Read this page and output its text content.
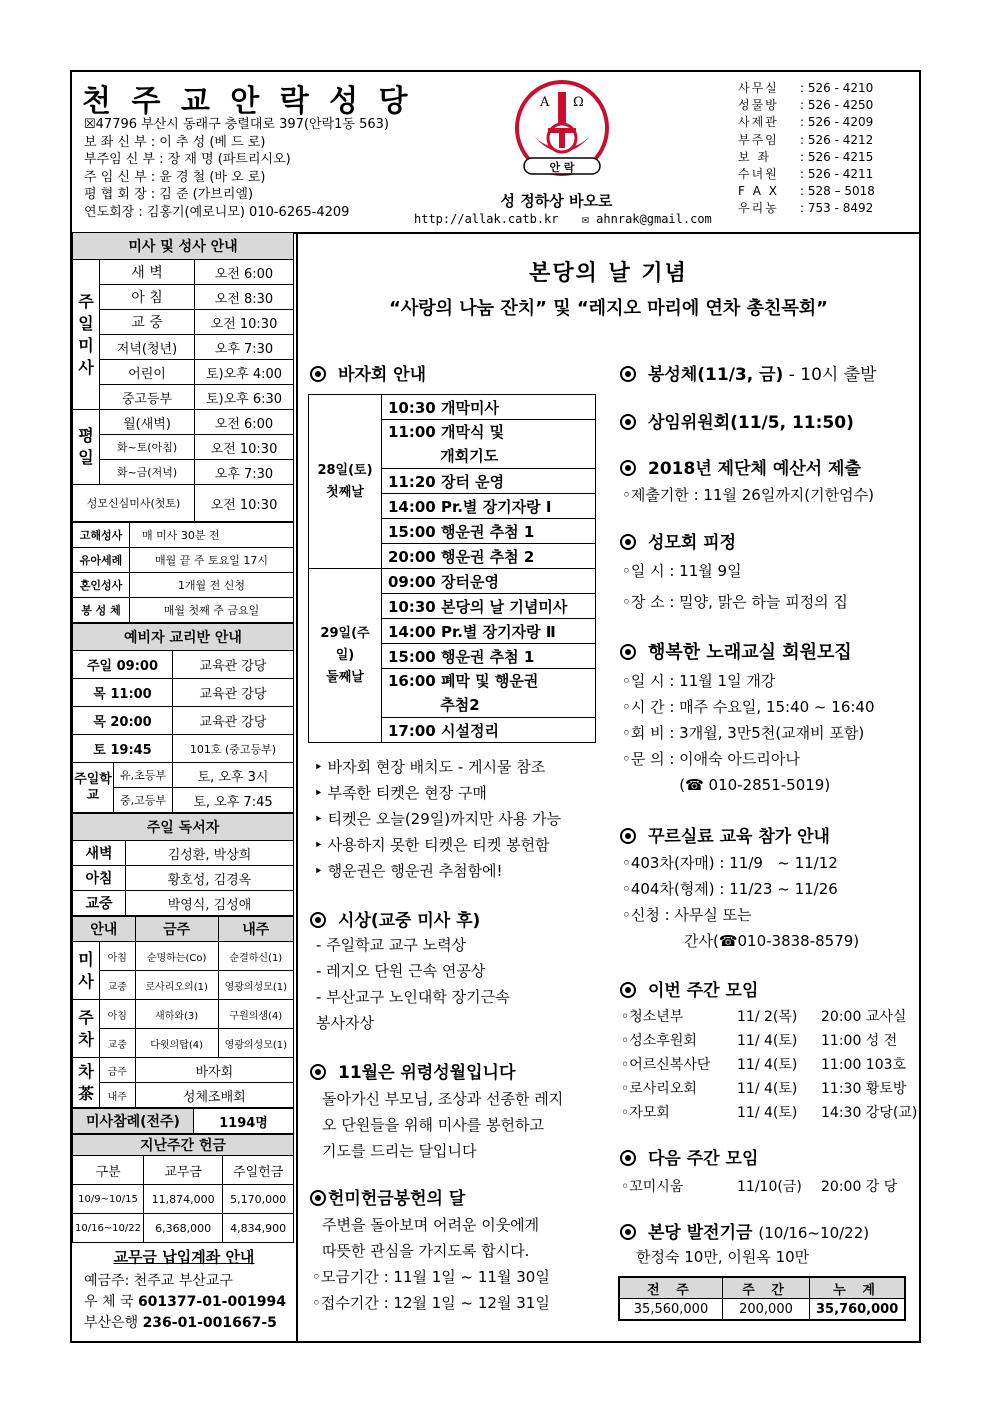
천 주 교 안 락 성 당
☒47796 부산시 동래구 충렬대로 397(안락1동 563)
보 좌 신 부 : 이 추 성 (베 드 로)
부주임 신 부 : 장 재 명 (파트리시오)
주 임 신 부 : 윤 경 철 (바 오 로)
평 협 회 장 : 김 준 (가브리엘)
연도회장 : 김홍기(예로니모) 010-6265-4209
A Ω
안 락
성 정하상 바오로
http://allak.catb.kr ✉ ahnrak@gmail.com
사무실	: 526 - 4210
성물방	: 526 - 4250
사제관	: 526 - 4209
부주임	: 526 - 4212
보 좌	: 526 - 4215
수녀원	: 526 - 4211
F A X	: 528 – 5018
우리농	: 753 - 8492
미사 및 성사 안내		
주일미사	새 벽	오전 6:00
	아 침	오전 8:30
	교 중	오전 10:30
	저녁(청년)	오후 7:30
	어린이	토)오후 4:00
	중고등부	토)오후 6:30
평일	월(새벽)	오전 6:00
	화~토(아침)	오전 10:30
	화~금(저녁)	오후 7:30
성모신심미사(첫토)		오전 10:30
고해성사	매 미사 30분 전
유아세례	매월 끝 주 토요일 17시
혼인성사	1개월 전 신청
봉 성 체	매월 첫째 주 금요일
예비자 교리반 안내		
주일 09:00		교육관 강당
목 11:00		교육관 강당
목 20:00		교육관 강당
토 19:45		101호 (중고등부)
주일학교	유,초등부	토, 오후 3시
	중,고등부	토, 오후 7:45
주일 독서자	
새벽	김성환, 박상희
아침	황호성, 김경옥
교중	박영식, 김성애
안내		금주	내주
미사	아침	순명하는(Co)	순결하신(1)
	교중	로사리오의(1)	영광의성모(1)
주차	아침	새하와(3)	구원의샘(4)
	교중	다윗의탑(4)	영광의성모(1)
차茶	금주	바자회	
	내주	성체조배회	
미사참례(전주)	1194명
지난주간 헌금		
구분	교무금	주일헌금
10/9~10/15	11,874,000	5,170,000
10/16~10/22	6,368,000	4,834,900
교무금 납입계좌 안내
예금주: 천주교 부산교구
우 체 국 601377-01-001994
부산은행 236-01-001667-5
본당의 날 기념
“사랑의 나눔 잔치” 및 “레지오 마리에 연차 총친목회”
바자회 안내
28일(토)
첫째날	10:30 개막미사
	11:00 개막식 및
개회기도
	11:20 장터 운영
	14:00 Pr.별 장기자랑 Ⅰ
	15:00 행운권 추첨 1
	20:00 행운권 추첨 2
29일(주일)
둘째날	09:00 장터운영
	10:30 본당의 날 기념미사
	14:00 Pr.별 장기자랑 Ⅱ
	15:00 행운권 추첨 1
	16:00 폐막 및 행운권
추첨2
	17:00 시설정리
‣ 바자회 현장 배치도 - 게시물 참조
‣ 부족한 티켓은 현장 구매
‣ 티켓은 오늘(29일)까지만 사용 가능
‣ 사용하지 못한 티켓은 티켓 봉헌함
‣ 행운권은 행운권 추첨함에!
시상(교중 미사 후)
- 주일학교 교구 노력상
- 레지오 단원 근속 연공상
- 부산교구 노인대학 장기근속
봉사자상
11월은 위령성월입니다
돌아가신 부모님, 조상과 선종한 레지
오 단원들을 위해 미사를 봉헌하고
기도를 드리는 달입니다
헌미헌금봉헌의 달
주변을 돌아보며 어려운 이웃에게
따뜻한 관심을 가지도록 합시다.
◦모금기간 : 11월 1일 ~ 11월 30일
◦접수기간 : 12월 1일 ~ 12월 31일
봉성체(11/3, 금) - 10시 출발
상임위원회(11/5, 11:50)
2018년 제단체 예산서 제출
◦제출기한 : 11월 26일까지(기한엄수)
성모회 피정
◦일 시 : 11월 9일
◦장 소 : 밀양, 맑은 하늘 피정의 집
행복한 노래교실 회원모집
◦일 시 : 11월 1일 개강
◦시 간 : 매주 수요일, 15:40 ~ 16:40
◦회 비 : 3개월, 3만5천(교재비 포함)
◦문 의 : 이애숙 아드리아나
(☎ 010-2851-5019)
꾸르실료 교육 참가 안내
◦403차(자매) : 11/9   ~ 11/12
◦404차(형제) : 11/23 ~ 11/26
◦신청 : 사무실 또는
간사(☎010-3838-8579)
이번 주간 모임
◦청소년부	11/ 2(목)	20:00 교사실
◦성소후원회	11/ 4(토)	11:00 성 전
◦어르신복사단	11/ 4(토)	11:00 103호
◦로사리오회	11/ 4(토)	11:30 황토방
◦자모회	11/ 4(토)	14:30 강당(교)
다음 주간 모임
◦꼬미시움	11/10(금)	20:00 강 당
본당 발전기금 (10/16~10/22)
한정숙 10만, 이원옥 10만
전 주	주 간	누 계
35,560,000	200,000	35,760,000
